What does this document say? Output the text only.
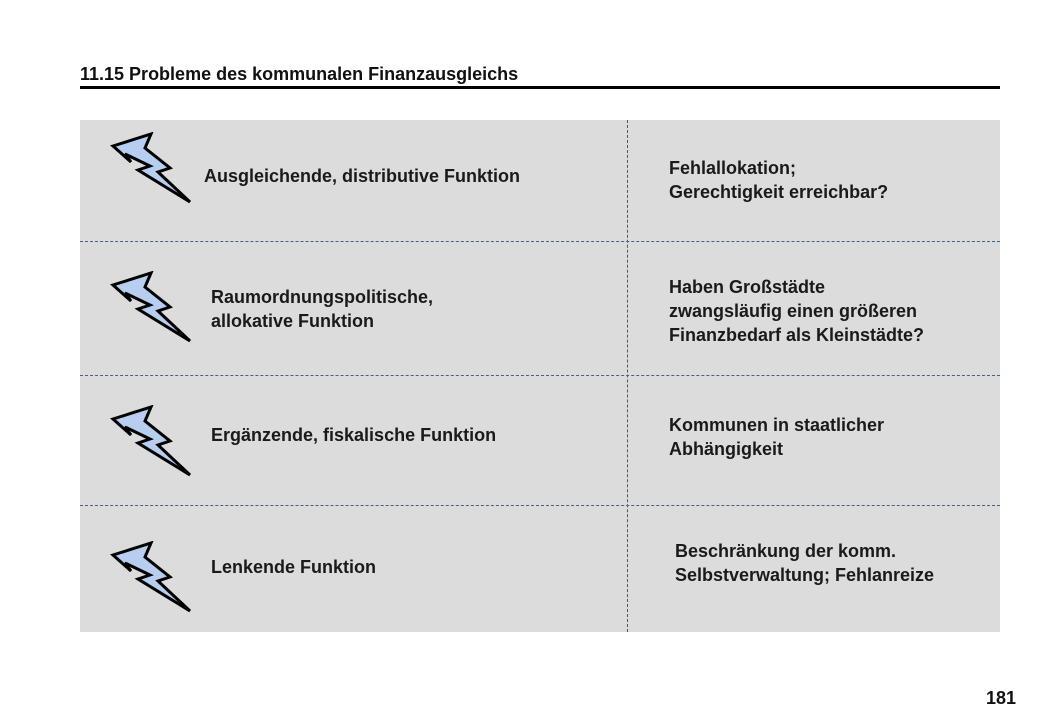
11.15 Probleme des kommunalen Finanzausgleichs
Ausgleichende, distributive Funktion	Fehlallokation;
Gerechtigkeit erreichbar?
Raumordnungspolitische,
allokative Funktion
Haben Großstädte
zwangsläufig einen größeren
Finanzbedarf als Kleinstädte?
Ergänzende, fiskalische Funktion	Kommunen in staatlicher
Abhängigkeit
Lenkende Funktion
Beschränkung der komm.
Selbstverwaltung; Fehlanreize
181
